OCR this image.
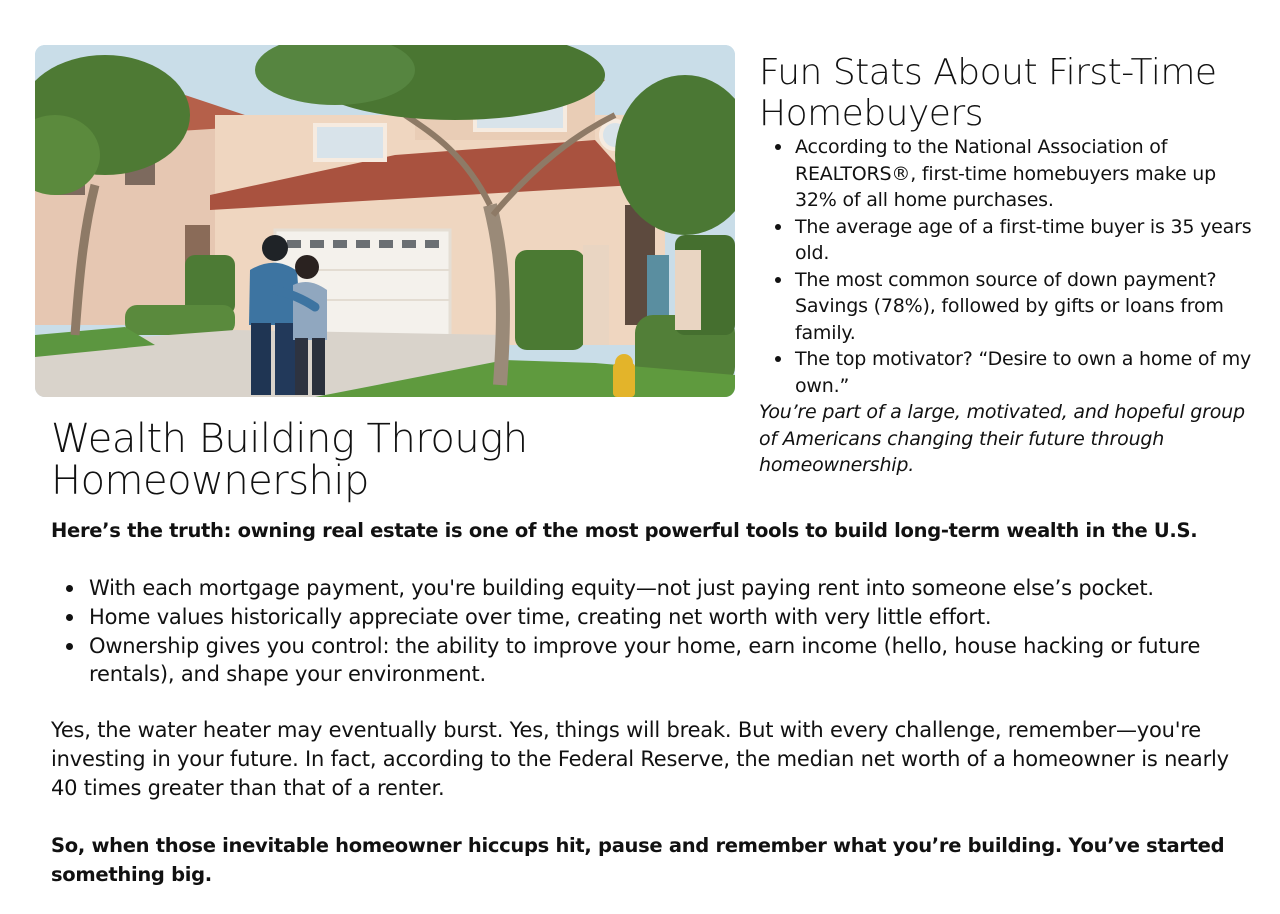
Fun Stats About First-Time Homebuyers
According to the National Association of REALTORS®, first-time homebuyers make up 32% of all home purchases.
The average age of a first-time buyer is 35 years old.
The most common source of down payment? Savings (78%), followed by gifts or loans from family.
The top motivator? “Desire to own a home of my own.”

You’re part of a large, motivated, and hopeful group of Americans changing their future through homeownership.

Wealth Building Through Homeownership

Here’s the truth: owning real estate is one of the most powerful tools to build long-term wealth in the U.S.

With each mortgage payment, you're building equity—not just paying rent into someone else’s pocket.
Home values historically appreciate over time, creating net worth with very little effort.
Ownership gives you control: the ability to improve your home, earn income (hello, house hacking or future rentals), and shape your environment.

Yes, the water heater may eventually burst. Yes, things will break. But with every challenge, remember—you're investing in your future. In fact, according to the Federal Reserve, the median net worth of a homeowner is nearly 40 times greater than that of a renter.

So, when those inevitable homeowner hiccups hit, pause and remember what you’re building. You’ve started something big.
